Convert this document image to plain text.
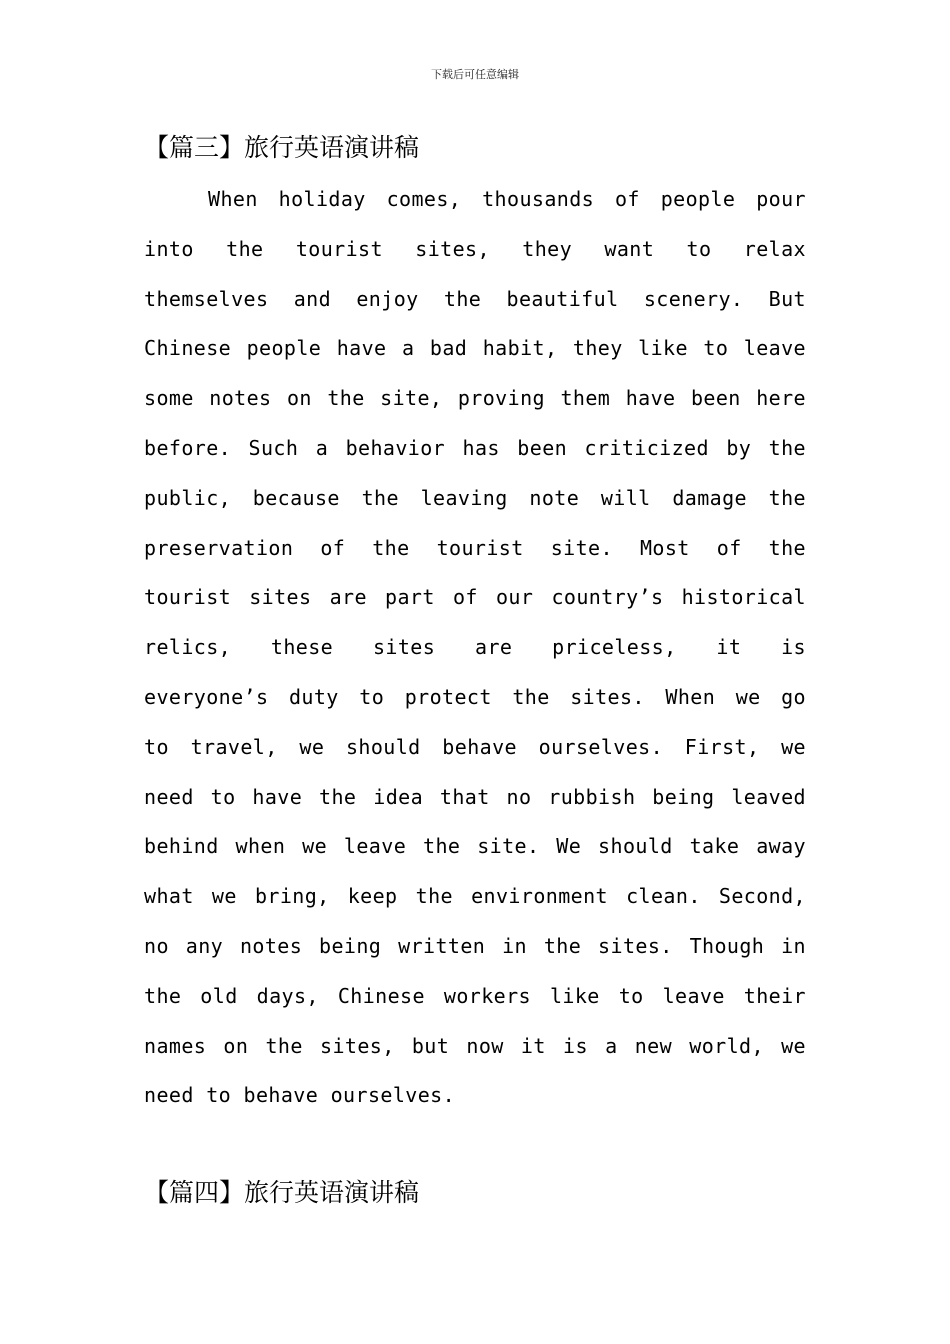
下载后可任意编辑
【篇三】旅行英语演讲稿
When holiday comes, thousands of people pour
into the tourist sites, they want to relax
themselves and enjoy the beautiful scenery. But
Chinese people have a bad habit, they like to leave
some notes on the site, proving them have been here
before. Such a behavior has been criticized by the
public, because the leaving note will damage the
preservation of the tourist site. Most of the
tourist sites are part of our country’s historical
relics, these sites are priceless, it is
everyone’s duty to protect the sites. When we go
to travel, we should behave ourselves. First, we
need to have the idea that no rubbish being leaved
behind when we leave the site. We should take away
what we bring, keep the environment clean. Second,
no any notes being written in the sites. Though in
the old days, Chinese workers like to leave their
names on the sites, but now it is a new world, we
need to behave ourselves.
【篇四】旅行英语演讲稿
